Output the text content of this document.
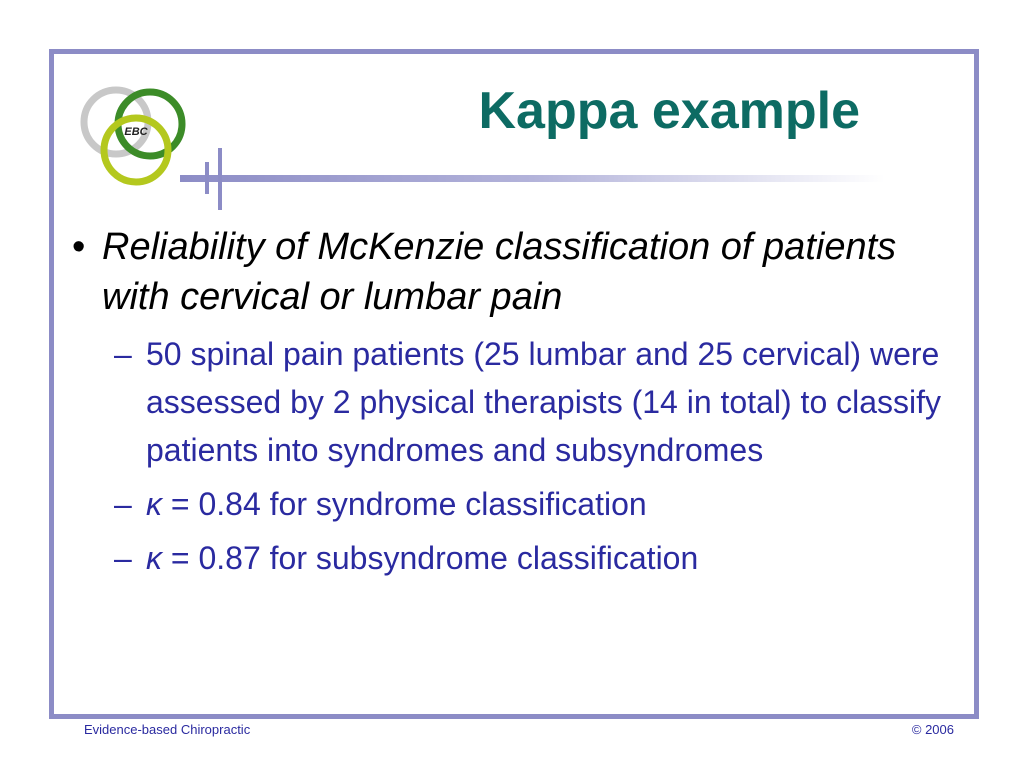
EBC	Kappa example
• Reliability of McKenzie classification of patients with cervical or lumbar pain
– 50 spinal pain patients (25 lumbar and 25 cervical) were assessed by 2 physical therapists (14 in total) to classify patients into syndromes and subsyndromes
– κ = 0.84 for syndrome classification
– κ = 0.87 for subsyndrome classification
Evidence-based Chiropractic	© 2006
